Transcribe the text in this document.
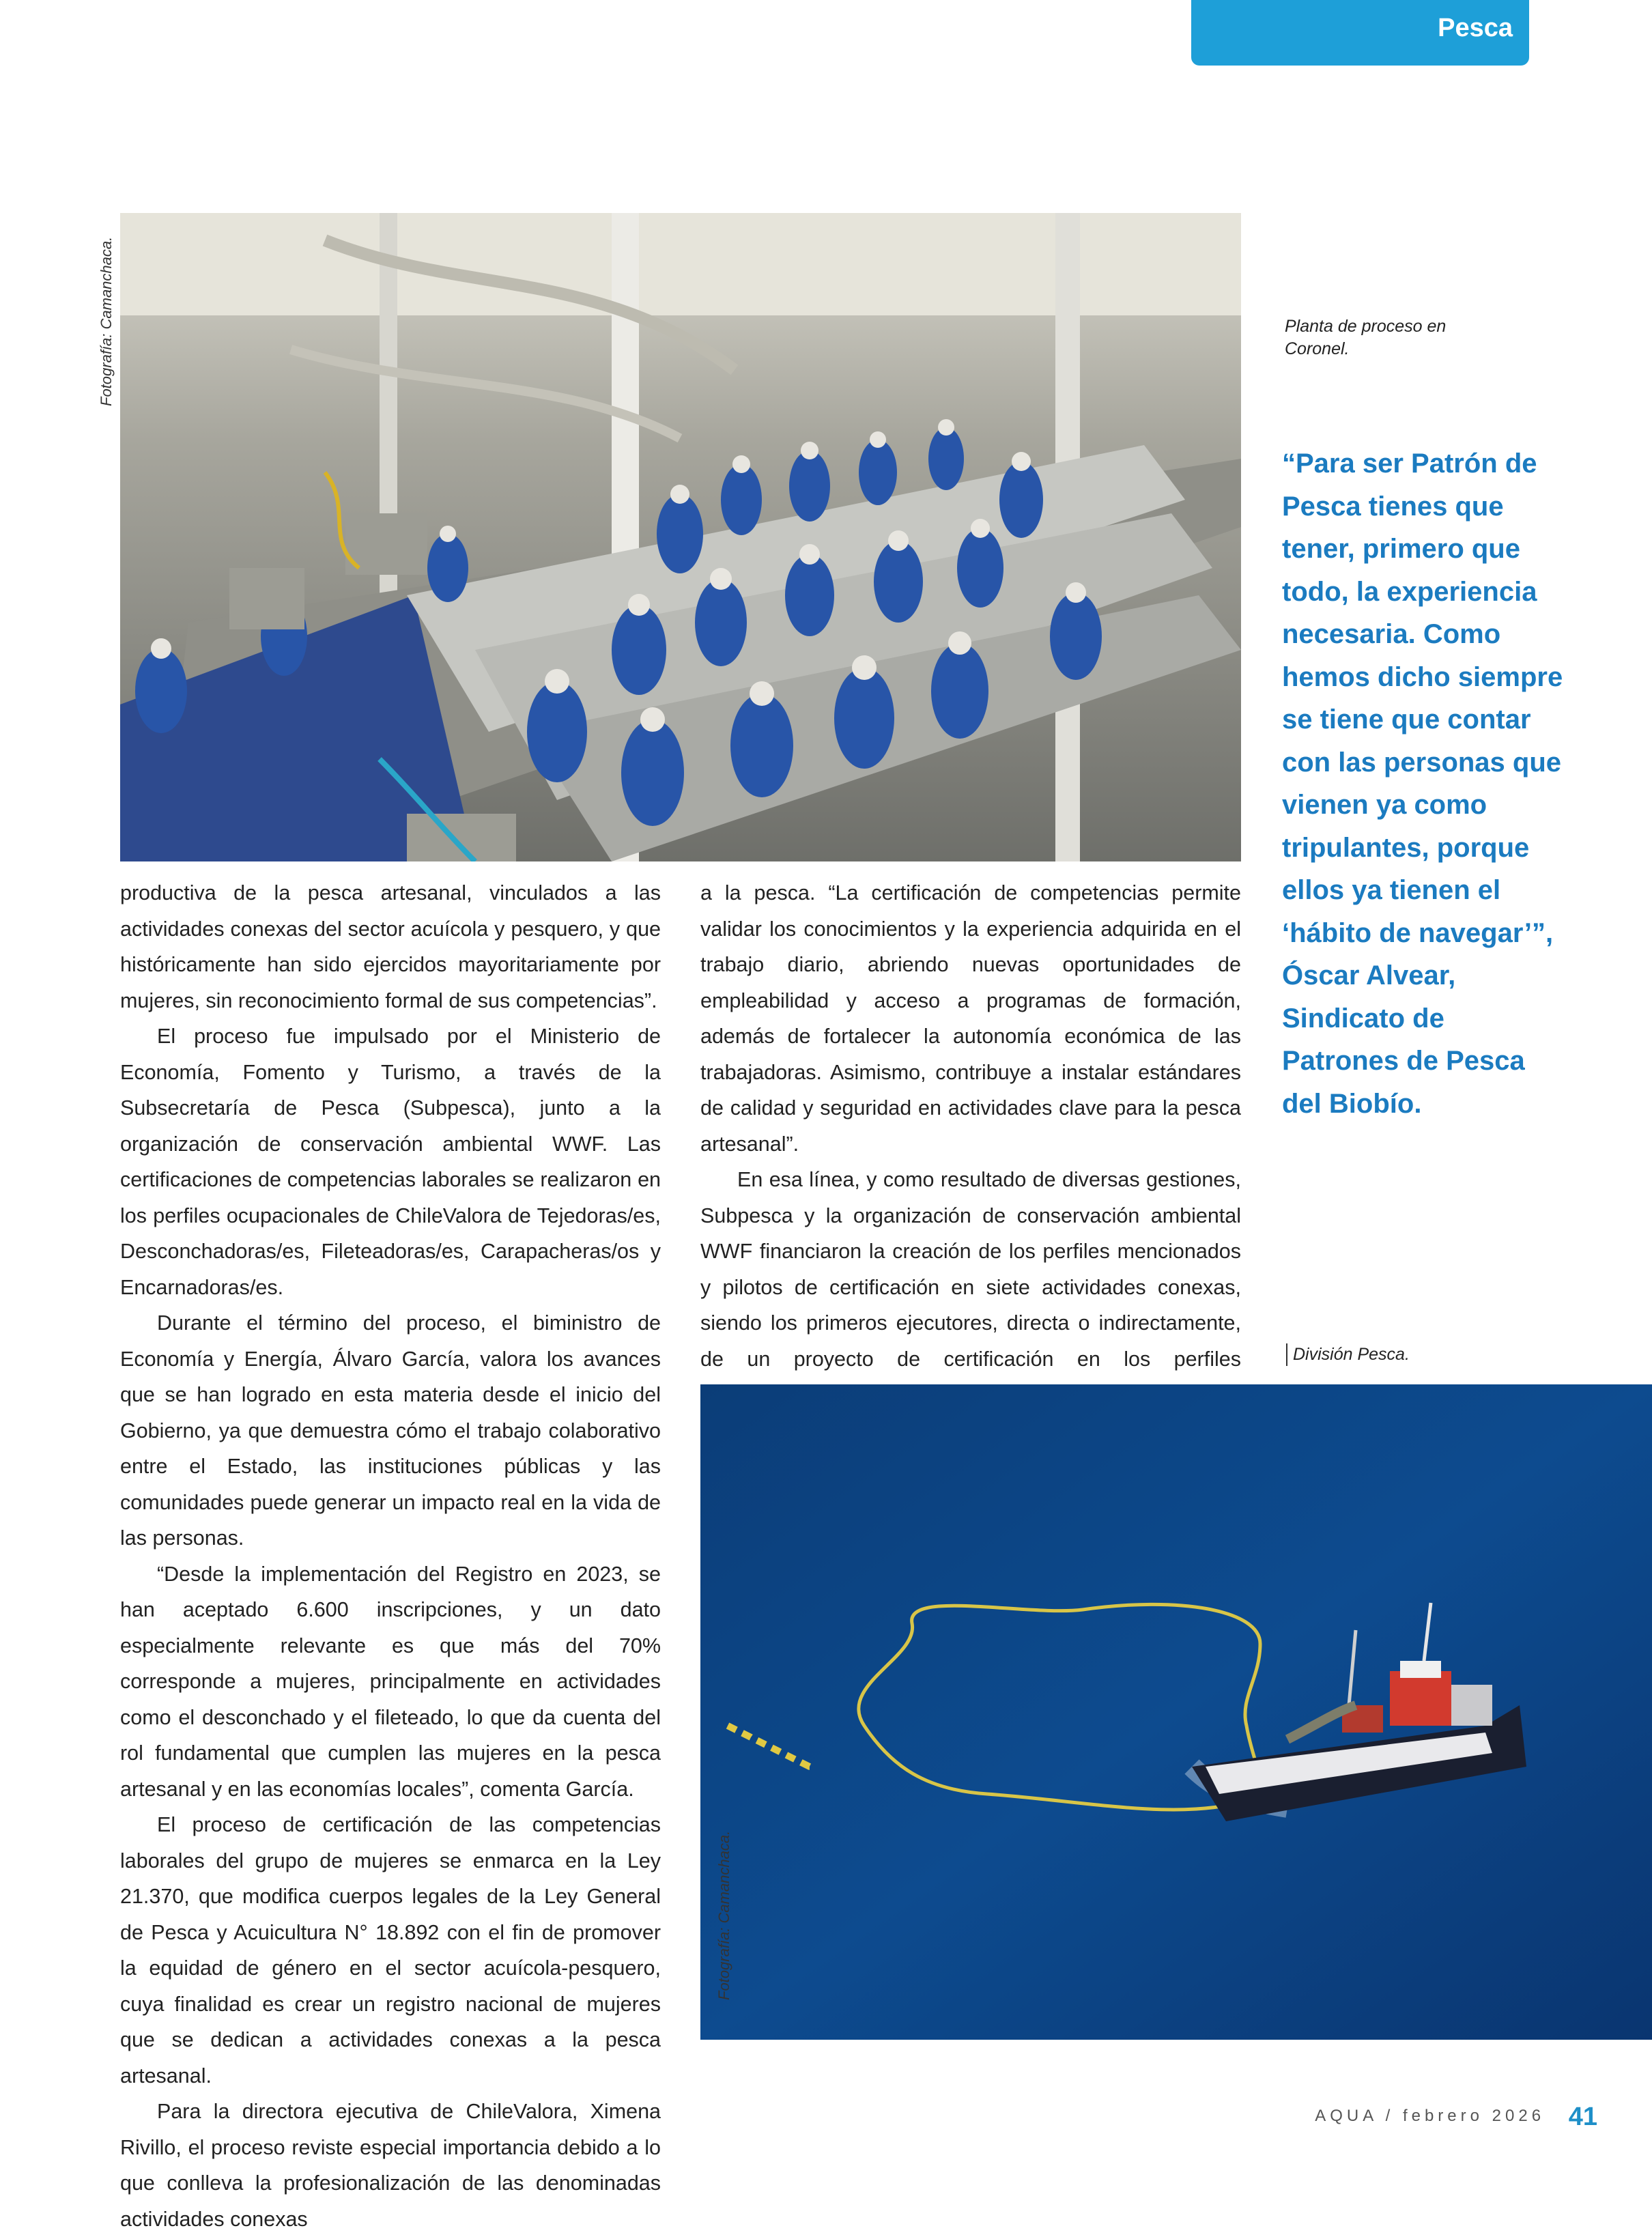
Pesca
Fotografía: Camanchaca.	Planta de proceso en Coronel.
“Para ser Patrón de Pesca tienes que tener, primero que todo, la experiencia necesaria. Como hemos dicho siempre se tiene que contar con las personas que vienen ya como tripulantes, porque ellos ya tienen el ‘hábito de navegar’”, Óscar Alvear, Sindicato de Patrones de Pesca del Biobío.

productiva de la pesca artesanal, vinculados a las actividades conexas del sector acuícola y pesquero, y que históricamente han sido ejercidos mayoritariamente por mujeres, sin reconocimiento formal de sus competencias”.

El proceso fue impulsado por el Ministerio de Economía, Fomento y Turismo, a través de la Subsecretaría de Pesca (Subpesca), junto a la organización de conservación ambiental WWF. Las certificaciones de competencias laborales se realizaron en los perfiles ocupacionales de ChileValora de Tejedoras/es, Desconchadoras/es, Fileteadoras/es, Carapacheras/os y Encarnadoras/es.

Durante el término del proceso, el biministro de Economía y Energía, Álvaro García, valora los avances que se han logrado en esta materia desde el inicio del Gobierno, ya que demuestra cómo el trabajo colaborativo entre el Estado, las instituciones públicas y las comunidades puede generar un impacto real en la vida de las personas.

“Desde la implementación del Registro en 2023, se han aceptado 6.600 inscripciones, y un dato especialmente relevante es que más del 70% corresponde a mujeres, principalmente en actividades como el desconchado y el fileteado, lo que da cuenta del rol fundamental que cumplen las mujeres en la pesca artesanal y en las economías locales”, comenta García.

El proceso de certificación de las competencias laborales del grupo de mujeres se enmarca en la Ley 21.370, que modifica cuerpos legales de la Ley General de Pesca y Acuicultura N° 18.892 con el fin de promover la equidad de género en el sector acuícola-pesquero, cuya finalidad es crear un registro nacional de mujeres que se dedican a actividades conexas a la pesca artesanal.

Para la directora ejecutiva de ChileValora, Ximena Rivillo, el proceso reviste especial importancia debido a lo que conlleva la profesionalización de las denominadas actividades conexas

a la pesca. “La certificación de competencias permite validar los conocimientos y la experiencia adquirida en el trabajo diario, abriendo nuevas oportunidades de empleabilidad y acceso a programas de formación, además de fortalecer la autonomía económica de las trabajadoras. Asimismo, contribuye a instalar estándares de calidad y seguridad en actividades clave para la pesca artesanal”.

En esa línea, y como resultado de diversas gestiones, Subpesca y la organización de conservación ambiental WWF financiaron la creación de los perfiles mencionados y pilotos de certificación en siete actividades conexas, siendo los primeros ejecutores, directa o indirectamente, de un proyecto de certificación en los perfiles	División Pesca.
Fotografía: Camanchaca.
AQUA / febrero 2026 41
